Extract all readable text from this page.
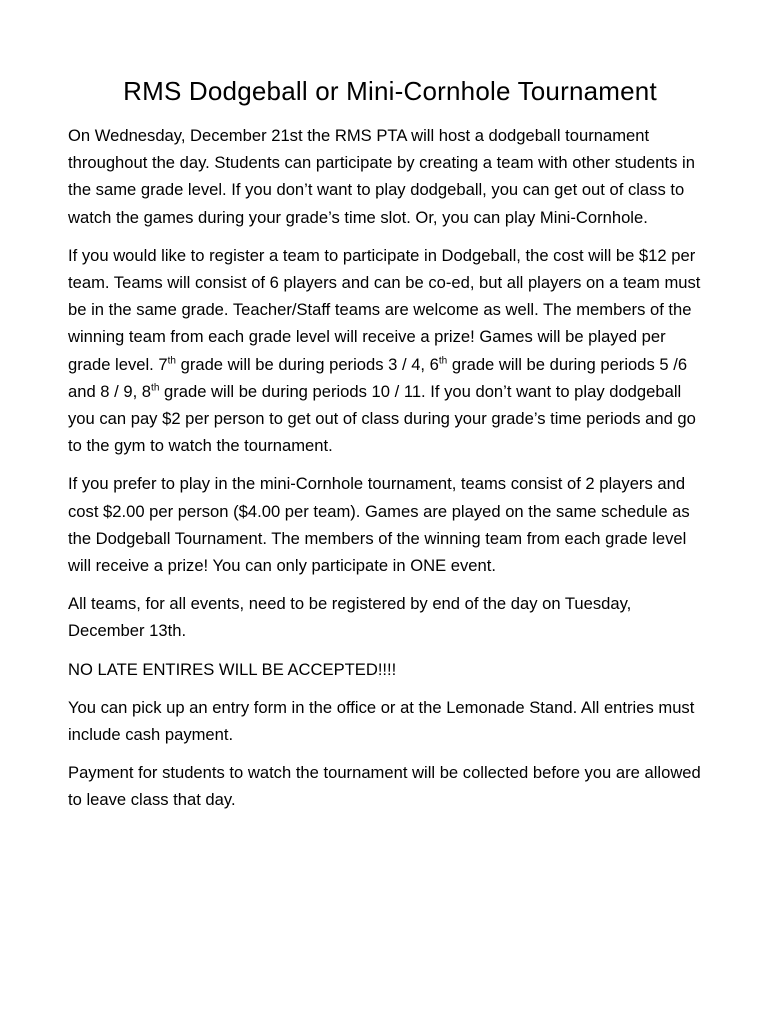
RMS Dodgeball or Mini-Cornhole Tournament

On Wednesday, December 21st the RMS PTA will host a dodgeball tournament throughout the day. Students can participate by creating a team with other students in the same grade level. If you don’t want to play dodgeball, you can get out of class to watch the games during your grade’s time slot. Or, you can play Mini-Cornhole.

If you would like to register a team to participate in Dodgeball, the cost will be $12 per team. Teams will consist of 6 players and can be co-ed, but all players on a team must be in the same grade. Teacher/Staff teams are welcome as well. The members of the winning team from each grade level will receive a prize! Games will be played per grade level. 7th grade will be during periods 3 / 4, 6th grade will be during periods 5 /6 and 8 / 9, 8th grade will be during periods 10 / 11. If you don’t want to play dodgeball you can pay $2 per person to get out of class during your grade’s time periods and go to the gym to watch the tournament.

If you prefer to play in the mini-Cornhole tournament, teams consist of 2 players and cost $2.00 per person ($4.00 per team). Games are played on the same schedule as the Dodgeball Tournament. The members of the winning team from each grade level will receive a prize! You can only participate in ONE event.

All teams, for all events, need to be registered by end of the day on Tuesday, December 13th.

NO LATE ENTIRES WILL BE ACCEPTED!!!!

You can pick up an entry form in the office or at the Lemonade Stand. All entries must include cash payment.

Payment for students to watch the tournament will be collected before you are allowed to leave class that day.
